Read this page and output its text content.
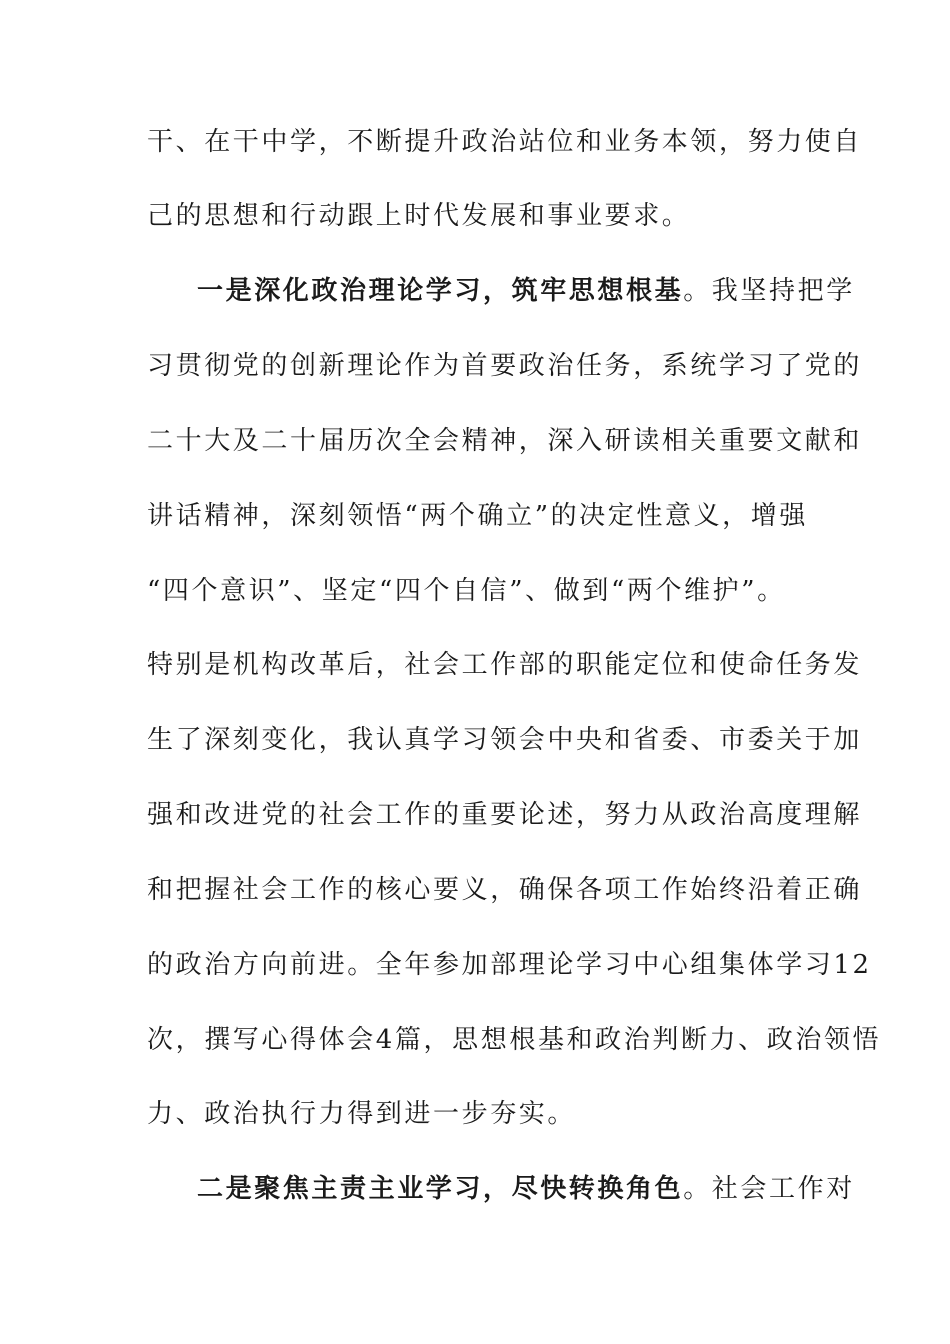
干、在干中学，不断提升政治站位和业务本领，努力使自
己的思想和行动跟上时代发展和事业要求。
一是深化政治理论学习，筑牢思想根基。我坚持把学
习贯彻党的创新理论作为首要政治任务，系统学习了党的
二十大及二十届历次全会精神，深入研读相关重要文献和
讲话精神，深刻领悟“两个确立”的决定性意义，增强
“四个意识”、坚定“四个自信”、做到“两个维护”。
特别是机构改革后，社会工作部的职能定位和使命任务发
生了深刻变化，我认真学习领会中央和省委、市委关于加
强和改进党的社会工作的重要论述，努力从政治高度理解
和把握社会工作的核心要义，确保各项工作始终沿着正确
的政治方向前进。全年参加部理论学习中心组集体学习12
次，撰写心得体会4篇，思想根基和政治判断力、政治领悟
力、政治执行力得到进一步夯实。
二是聚焦主责主业学习，尽快转换角色。社会工作对
